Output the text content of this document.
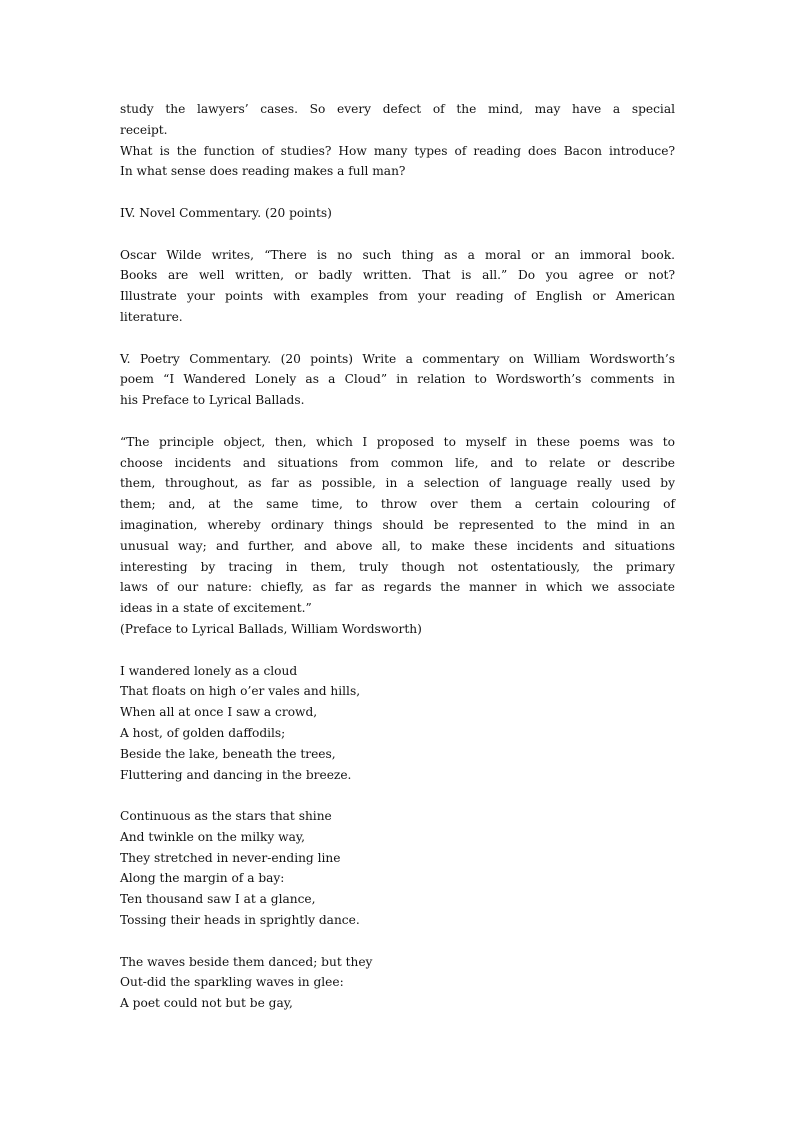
study the lawyers’ cases. So every defect of the mind, may have a special
receipt.
What is the function of studies? How many types of reading does Bacon introduce?
In what sense does reading makes a full man?
IV. Novel Commentary. (20 points)
Oscar Wilde writes, “There is no such thing as a moral or an immoral book.
Books are well written, or badly written. That is all.” Do you agree or not?
Illustrate your points with examples from your reading of English or American
literature.
V. Poetry Commentary. (20 points) Write a commentary on William Wordsworth’s
poem “I Wandered Lonely as a Cloud” in relation to Wordsworth’s comments in
his Preface to Lyrical Ballads.
“The principle object, then, which I proposed to myself in these poems was to
choose incidents and situations from common life, and to relate or describe
them, throughout, as far as possible, in a selection of language really used by
them; and, at the same time, to throw over them a certain colouring of
imagination, whereby ordinary things should be represented to the mind in an
unusual way; and further, and above all, to make these incidents and situations
interesting by tracing in them, truly though not ostentatiously, the primary
laws of our nature: chiefly, as far as regards the manner in which we associate
ideas in a state of excitement.”
(Preface to Lyrical Ballads, William Wordsworth)
I wandered lonely as a cloud
That floats on high o’er vales and hills,
When all at once I saw a crowd,
A host, of golden daffodils;
Beside the lake, beneath the trees,
Fluttering and dancing in the breeze.
Continuous as the stars that shine
And twinkle on the milky way,
They stretched in never-ending line
Along the margin of a bay:
Ten thousand saw I at a glance,
Tossing their heads in sprightly dance.
The waves beside them danced; but they
Out-did the sparkling waves in glee:
A poet could not but be gay,
